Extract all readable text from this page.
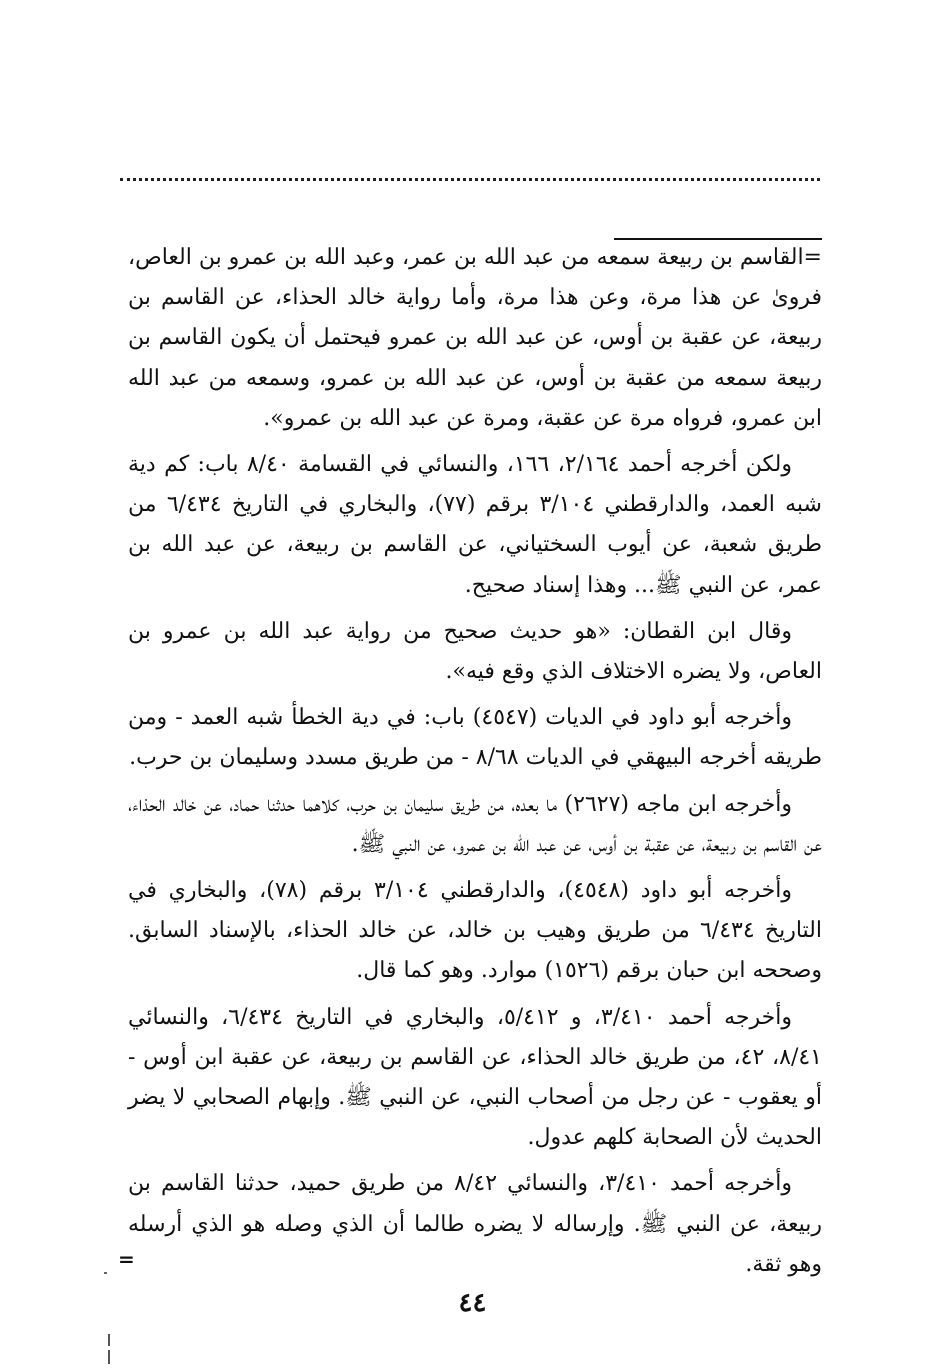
=القاسم بن ربيعة سمعه من عبد الله بن عمر، وعبد الله بن عمرو بن العاص، فرویٰ عن هذا مرة، وعن هذا مرة، وأما رواية خالد الحذاء، عن القاسم بن ربيعة، عن عقبة بن أوس، عن عبد الله بن عمرو فيحتمل أن يكون القاسم بن ربيعة سمعه من عقبة بن أوس، عن عبد الله بن عمرو، وسمعه من عبد الله ابن عمرو، فرواه مرة عن عقبة، ومرة عن عبد الله بن عمرو».

ولكن أخرجه أحمد ٢/١٦٤، ١٦٦، والنسائي في القسامة ٨/٤٠ باب: كم دية شبه العمد، والدارقطني ٣/١٠٤ برقم (٧٧)، والبخاري في التاريخ ٦/٤٣٤ من طريق شعبة، عن أيوب السختياني، عن القاسم بن ربيعة، عن عبد الله بن عمر، عن النبي ﷺ... وهذا إسناد صحيح.

وقال ابن القطان: «هو حديث صحيح من رواية عبد الله بن عمرو بن العاص، ولا يضره الاختلاف الذي وقع فيه».

وأخرجه أبو داود في الديات (٤٥٤٧) باب: في دية الخطأ شبه العمد - ومن طريقه أخرجه البيهقي في الديات ٨/٦٨ - من طريق مسدد وسليمان بن حرب.

وأخرجه ابن ماجه (٢٦٢٧) ما بعده، من طريق سليمان بن حرب، كلاهما حدثنا حماد، عن خالد الحذاء، عن القاسم بن ربيعة، عن عقبة بن أوس، عن عبد الله بن عمرو، عن النبي ﷺ.

وأخرجه أبو داود (٤٥٤٨)، والدارقطني ٣/١٠٤ برقم (٧٨)، والبخاري في التاريخ ٦/٤٣٤ من طريق وهيب بن خالد، عن خالد الحذاء، بالإسناد السابق. وصححه ابن حبان برقم (١٥٢٦) موارد. وهو كما قال.

وأخرجه أحمد ٣/٤١٠، و ٥/٤١٢، والبخاري في التاريخ ٦/٤٣٤، والنسائي ٨/٤١، ٤٢، من طريق خالد الحذاء، عن القاسم بن ربيعة، عن عقبة ابن أوس - أو يعقوب - عن رجل من أصحاب النبي، عن النبي ﷺ. وإبهام الصحابي لا يضر الحديث لأن الصحابة كلهم عدول.

وأخرجه أحمد ٣/٤١٠، والنسائي ٨/٤٢ من طريق حميد، حدثنا القاسم بن ربيعة، عن النبي ﷺ. وإرساله لا يضره طالما أن الذي وصله هو الذي أرسله وهو ثقة.

=
٤٤
